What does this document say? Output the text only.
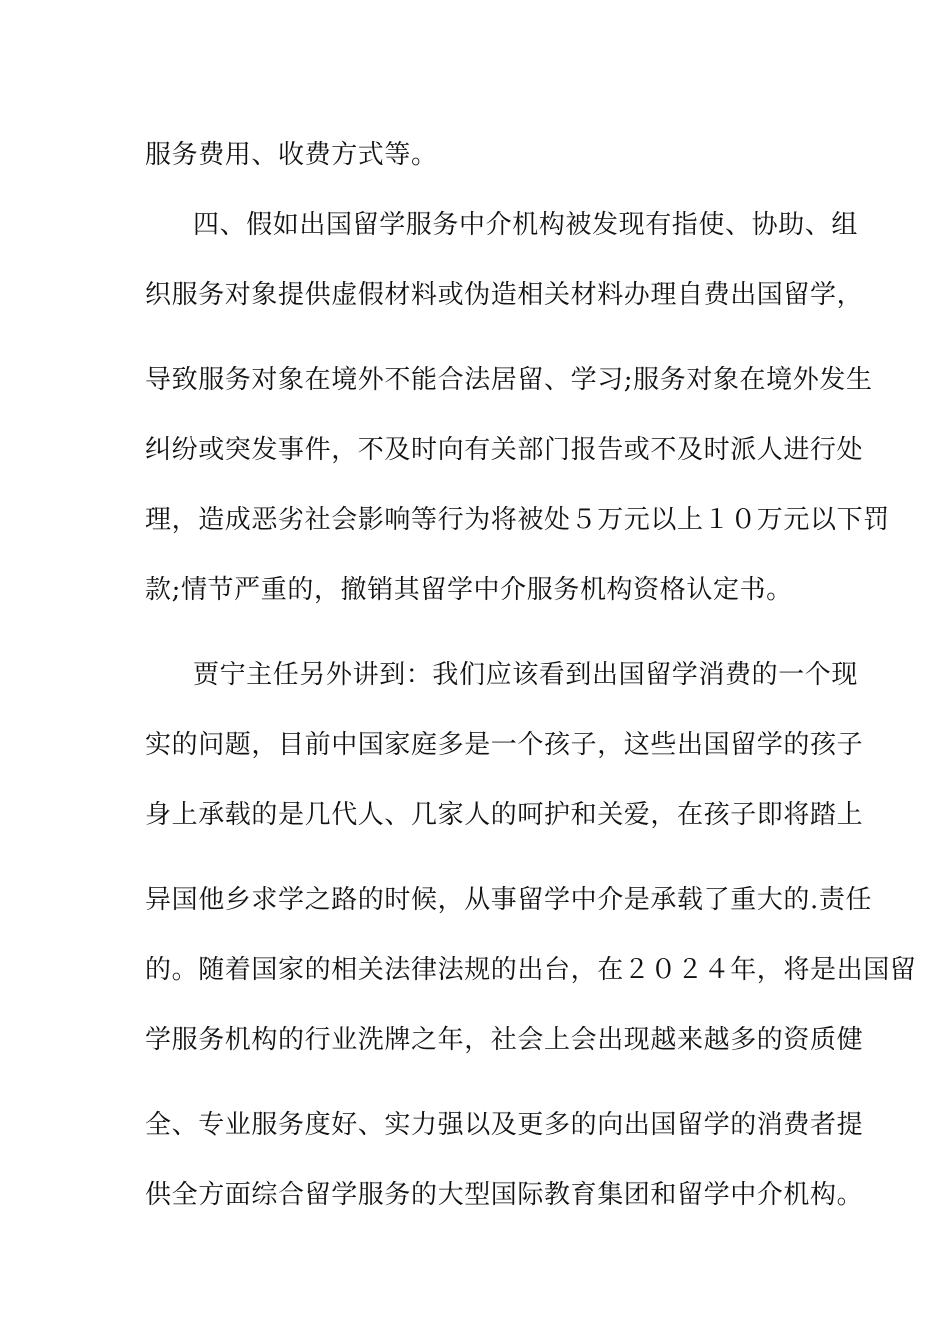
服务费用、收费方式等。
四、假如出国留学服务中介机构被发现有指使、协助、组
织服务对象提供虚假材料或伪造相关材料办理自费出国留学，
导致服务对象在境外不能合法居留、学习;服务对象在境外发生
纠纷或突发事件，不及时向有关部门报告或不及时派人进行处
理，造成恶劣社会影响等行为将被处５万元以上１０万元以下罚
款;情节严重的，撤销其留学中介服务机构资格认定书。
贾宁主任另外讲到：我们应该看到出国留学消费的一个现
实的问题，目前中国家庭多是一个孩子，这些出国留学的孩子
身上承载的是几代人、几家人的呵护和关爱，在孩子即将踏上
异国他乡求学之路的时候，从事留学中介是承载了重大的.责任
的。随着国家的相关法律法规的出台，在２０２４年，将是出国留
学服务机构的行业洗牌之年，社会上会出现越来越多的资质健
全、专业服务度好、实力强以及更多的向出国留学的消费者提
供全方面综合留学服务的大型国际教育集团和留学中介机构。
